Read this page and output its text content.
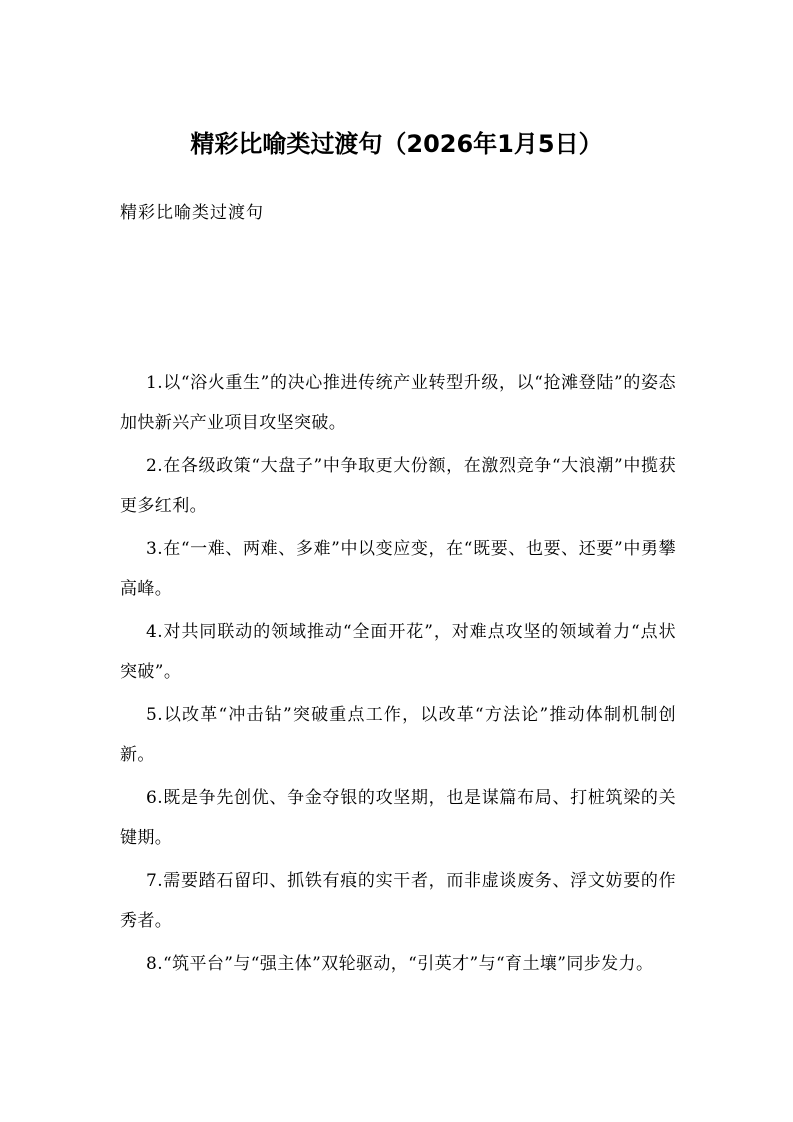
精彩比喻类过渡句（2026年1月5日）

精彩比喻类过渡句

1.以“浴火重生”的决心推进传统产业转型升级，以“抢滩登陆”的姿态加快新兴产业项目攻坚突破。
2.在各级政策“大盘子”中争取更大份额，在激烈竞争“大浪潮”中揽获更多红利。
3.在“一难、两难、多难”中以变应变，在“既要、也要、还要”中勇攀高峰。
4.对共同联动的领域推动“全面开花”，对难点攻坚的领域着力“点状突破”。
5.以改革“冲击钻”突破重点工作，以改革“方法论”推动体制机制创新。
6.既是争先创优、争金夺银的攻坚期，也是谋篇布局、打桩筑梁的关键期。
7.需要踏石留印、抓铁有痕的实干者，而非虚谈废务、浮文妨要的作秀者。
8.“筑平台”与“强主体”双轮驱动，“引英才”与“育土壤”同步发力。
